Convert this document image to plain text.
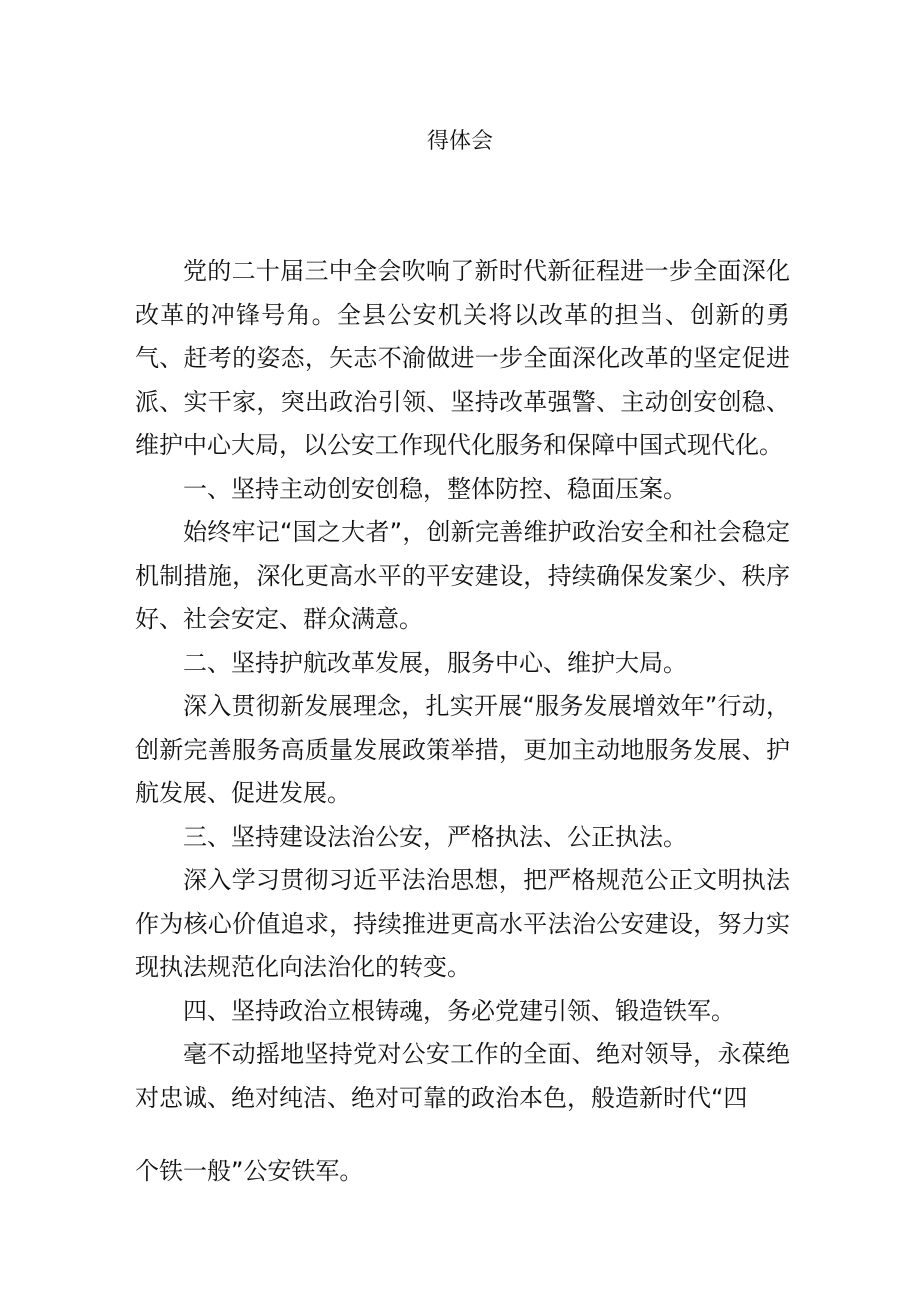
得体会

党的二十届三中全会吹响了新时代新征程进一步全面深化改革的冲锋号角。全县公安机关将以改革的担当、创新的勇气、赶考的姿态，矢志不渝做进一步全面深化改革的坚定促进派、实干家，突出政治引领、坚持改革强警、主动创安创稳、维护中心大局，以公安工作现代化服务和保障中国式现代化。

一、坚持主动创安创稳，整体防控、稳面压案。

始终牢记“国之大者”，创新完善维护政治安全和社会稳定机制措施，深化更高水平的平安建设，持续确保发案少、秩序好、社会安定、群众满意。

二、坚持护航改革发展，服务中心、维护大局。

深入贯彻新发展理念，扎实开展“服务发展增效年”行动，创新完善服务高质量发展政策举措，更加主动地服务发展、护航发展、促进发展。

三、坚持建设法治公安，严格执法、公正执法。

深入学习贯彻习近平法治思想，把严格规范公正文明执法作为核心价值追求，持续推进更高水平法治公安建设，努力实现执法规范化向法治化的转变。

四、坚持政治立根铸魂，务必党建引领、锻造铁军。

毫不动摇地坚持党对公安工作的全面、绝对领导，永葆绝对忠诚、绝对纯洁、绝对可靠的政治本色，般造新时代“四

个铁一般”公安铁军。
